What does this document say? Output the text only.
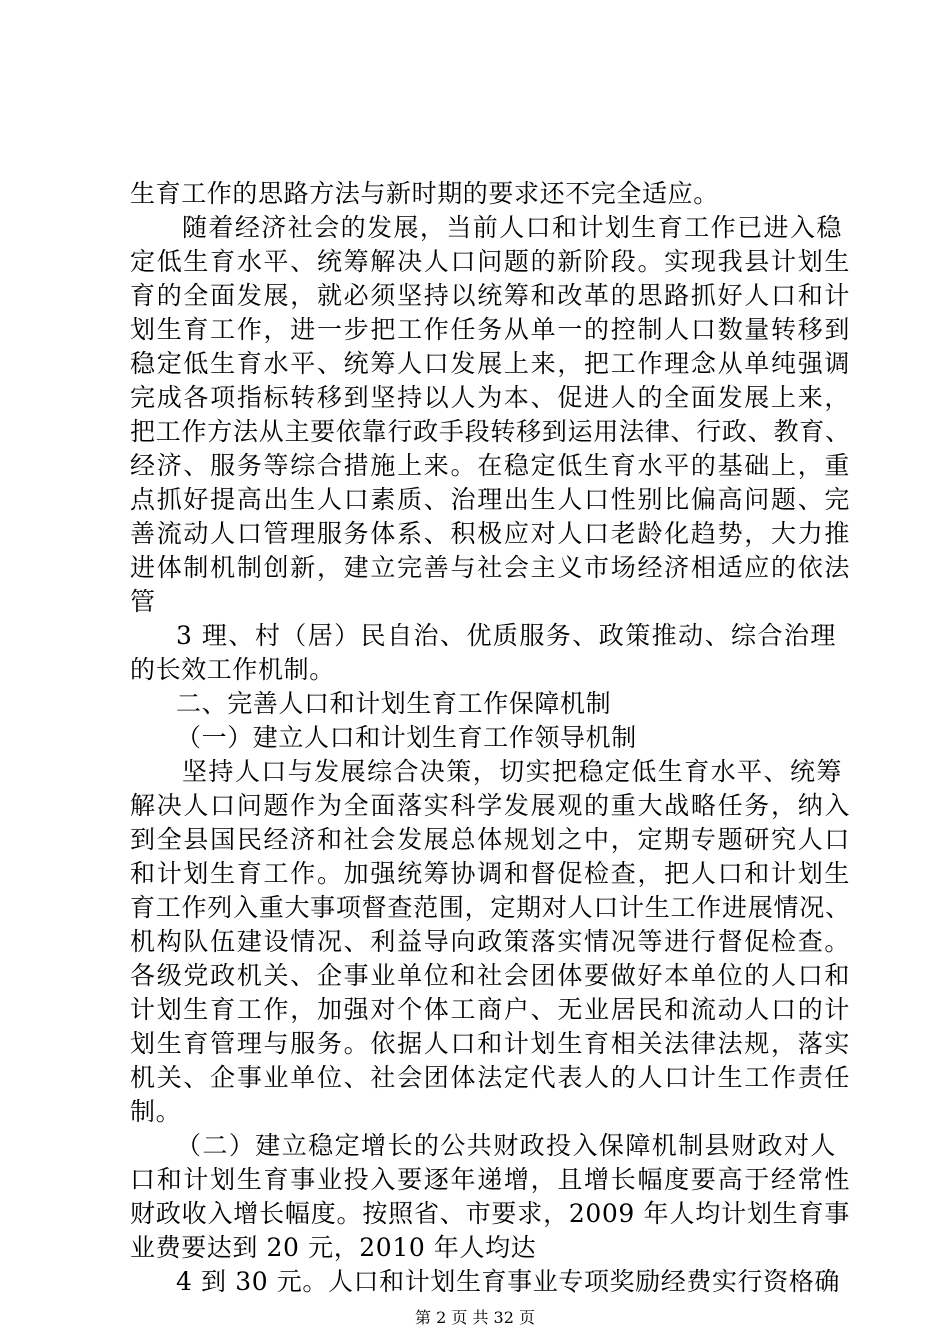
生育工作的思路方法与新时期的要求还不完全适应。
随着经济社会的发展，当前人口和计划生育工作已进入稳
定低生育水平、统筹解决人口问题的新阶段。实现我县计划生
育的全面发展，就必须坚持以统筹和改革的思路抓好人口和计
划生育工作，进一步把工作任务从单一的控制人口数量转移到
稳定低生育水平、统筹人口发展上来，把工作理念从单纯强调
完成各项指标转移到坚持以人为本、促进人的全面发展上来，
把工作方法从主要依靠行政手段转移到运用法律、行政、教育、
经济、服务等综合措施上来。在稳定低生育水平的基础上，重
点抓好提高出生人口素质、治理出生人口性别比偏高问题、完
善流动人口管理服务体系、积极应对人口老龄化趋势，大力推
进体制机制创新，建立完善与社会主义市场经济相适应的依法
管
3 理、村（居）民自治、优质服务、政策推动、综合治理
的长效工作机制。
二、完善人口和计划生育工作保障机制
（一）建立人口和计划生育工作领导机制
坚持人口与发展综合决策，切实把稳定低生育水平、统筹
解决人口问题作为全面落实科学发展观的重大战略任务，纳入
到全县国民经济和社会发展总体规划之中，定期专题研究人口
和计划生育工作。加强统筹协调和督促检查，把人口和计划生
育工作列入重大事项督查范围，定期对人口计生工作进展情况、
机构队伍建设情况、利益导向政策落实情况等进行督促检查。
各级党政机关、企事业单位和社会团体要做好本单位的人口和
计划生育工作，加强对个体工商户、无业居民和流动人口的计
划生育管理与服务。依据人口和计划生育相关法律法规，落实
机关、企事业单位、社会团体法定代表人的人口计生工作责任
制。
（二）建立稳定增长的公共财政投入保障机制县财政对人
口和计划生育事业投入要逐年递增，且增长幅度要高于经常性
财政收入增长幅度。按照省、市要求，2009 年人均计划生育事
业费要达到 20 元，2010 年人均达
4 到 30 元。人口和计划生育事业专项奖励经费实行资格确
第 2 页 共 32 页
